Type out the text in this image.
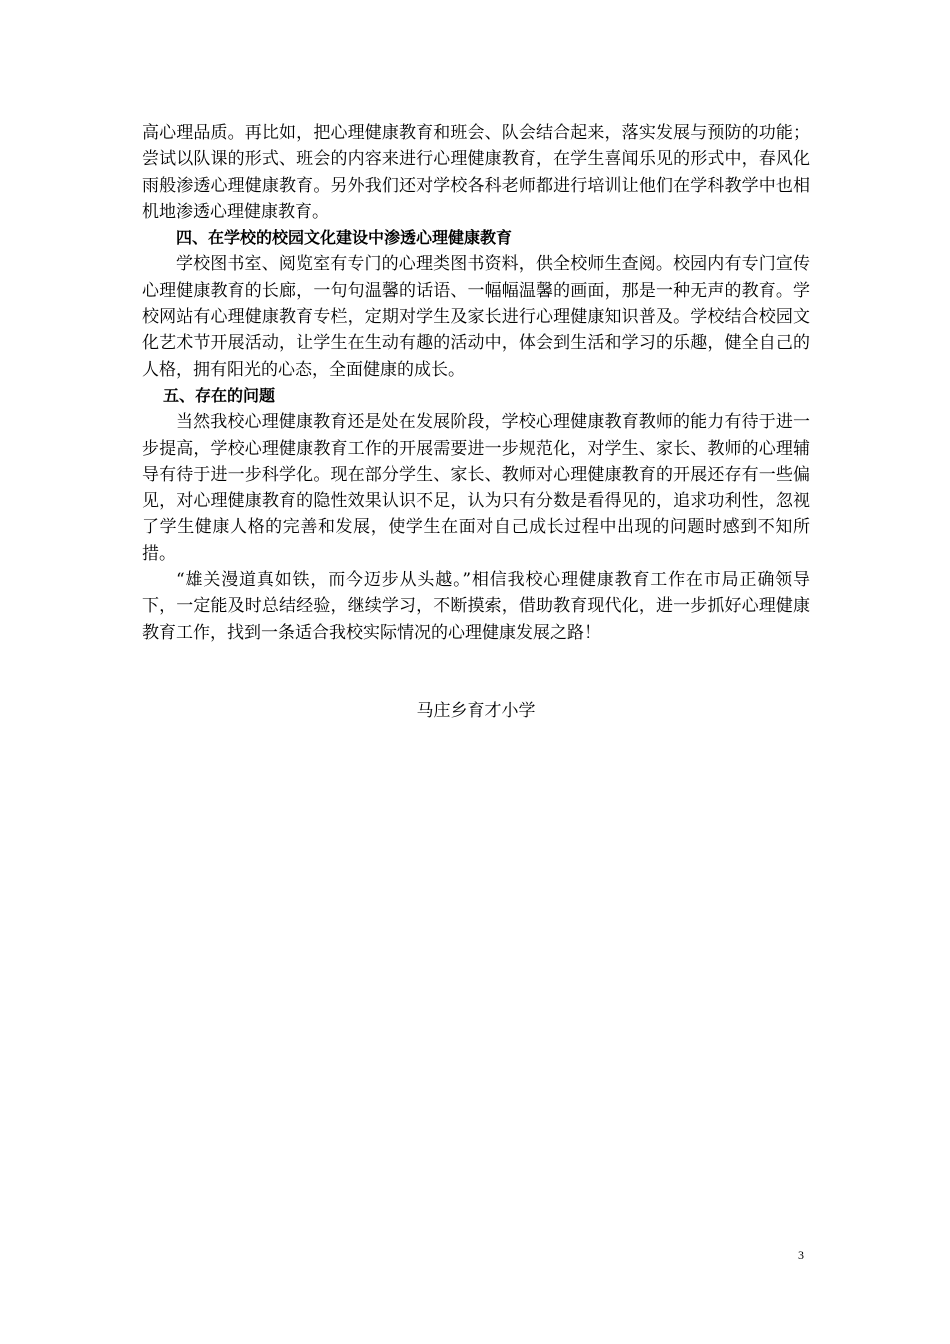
高心理品质。再比如，把心理健康教育和班会、队会结合起来，落实发展与预防的功能；尝试以队课的形式、班会的内容来进行心理健康教育，在学生喜闻乐见的形式中，春风化雨般渗透心理健康教育。另外我们还对学校各科老师都进行培训让他们在学科教学中也相机地渗透心理健康教育。

四、在学校的校园文化建设中渗透心理健康教育

学校图书室、阅览室有专门的心理类图书资料，供全校师生查阅。校园内有专门宣传心理健康教育的长廊，一句句温馨的话语、一幅幅温馨的画面，那是一种无声的教育。学校网站有心理健康教育专栏，定期对学生及家长进行心理健康知识普及。学校结合校园文化艺术节开展活动，让学生在生动有趣的活动中，体会到生活和学习的乐趣，健全自己的人格，拥有阳光的心态，全面健康的成长。

五、存在的问题

当然我校心理健康教育还是处在发展阶段，学校心理健康教育教师的能力有待于进一步提高，学校心理健康教育工作的开展需要进一步规范化，对学生、家长、教师的心理辅导有待于进一步科学化。现在部分学生、家长、教师对心理健康教育的开展还存有一些偏见，对心理健康教育的隐性效果认识不足，认为只有分数是看得见的，追求功利性，忽视了学生健康人格的完善和发展，使学生在面对自己成长过程中出现的问题时感到不知所措。

“雄关漫道真如铁，而今迈步从头越。”相信我校心理健康教育工作在市局正确领导下，一定能及时总结经验，继续学习，不断摸索，借助教育现代化，进一步抓好心理健康教育工作，找到一条适合我校实际情况的心理健康发展之路！

马庄乡育才小学

3
